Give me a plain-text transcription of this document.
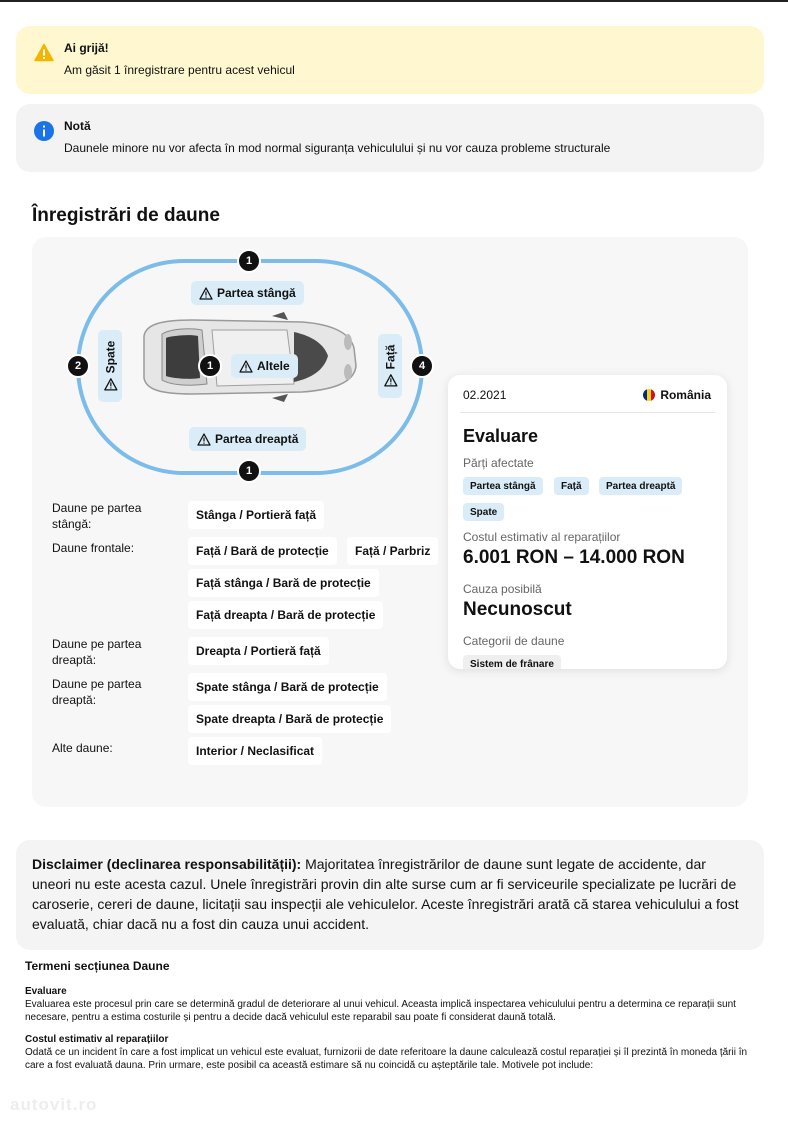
Ai grijă!
Am găsit 1 înregistrare pentru acest vehicul
Notă
Daunele minore nu vor afecta în mod normal siguranța vehiculului și nu vor cauza probleme structurale
Înregistrări de daune
Partea stângă
1
Spate
2	Față	4
Altele
1
Partea dreaptă
1
Daune pe partea stângă:
Stânga / Portieră față
Daune frontale:	Față / Bară de protecție	Față / Parbriz
Față stânga / Bară de protecție
Față dreapta / Bară de protecție
Daune pe partea dreaptă:
Dreapta / Portieră față
Daune pe partea dreaptă:
Spate stânga / Bară de protecție
Spate dreapta / Bară de protecție
Alte daune:	Interior / Neclasificat
02.2021	România
Evaluare
Părți afectate
Partea stângă	Față	Partea dreaptă
Spate
Costul estimativ al reparațiilor
6.001 RON – 14.000 RON
Cauza posibilă
Necunoscut
Categorii de daune
Sistem de frânare
Disclaimer (declinarea responsabilității): Majoritatea înregistrărilor de daune sunt legate de accidente, dar uneori nu este acesta cazul. Unele înregistrări provin din alte surse cum ar fi serviceurile specializate pe lucrări de caroserie, cereri de daune, licitații sau inspecții ale vehiculelor. Aceste înregistrări arată că starea vehiculului a fost evaluată, chiar dacă nu a fost din cauza unui accident.
Termeni secțiunea Daune
Evaluare
Evaluarea este procesul prin care se determină gradul de deteriorare al unui vehicul. Aceasta implică inspectarea vehiculului pentru a determina ce reparații sunt necesare, pentru a estima costurile și pentru a decide dacă vehiculul este reparabil sau poate fi considerat daună totală.
Costul estimativ al reparațiilor
Odată ce un incident în care a fost implicat un vehicul este evaluat, furnizorii de date referitoare la daune calculează costul reparației și îl prezintă în moneda țării în care a fost evaluată dauna. Prin urmare, este posibil ca această estimare să nu coincidă cu așteptările tale. Motivele pot include:
autovit.ro
